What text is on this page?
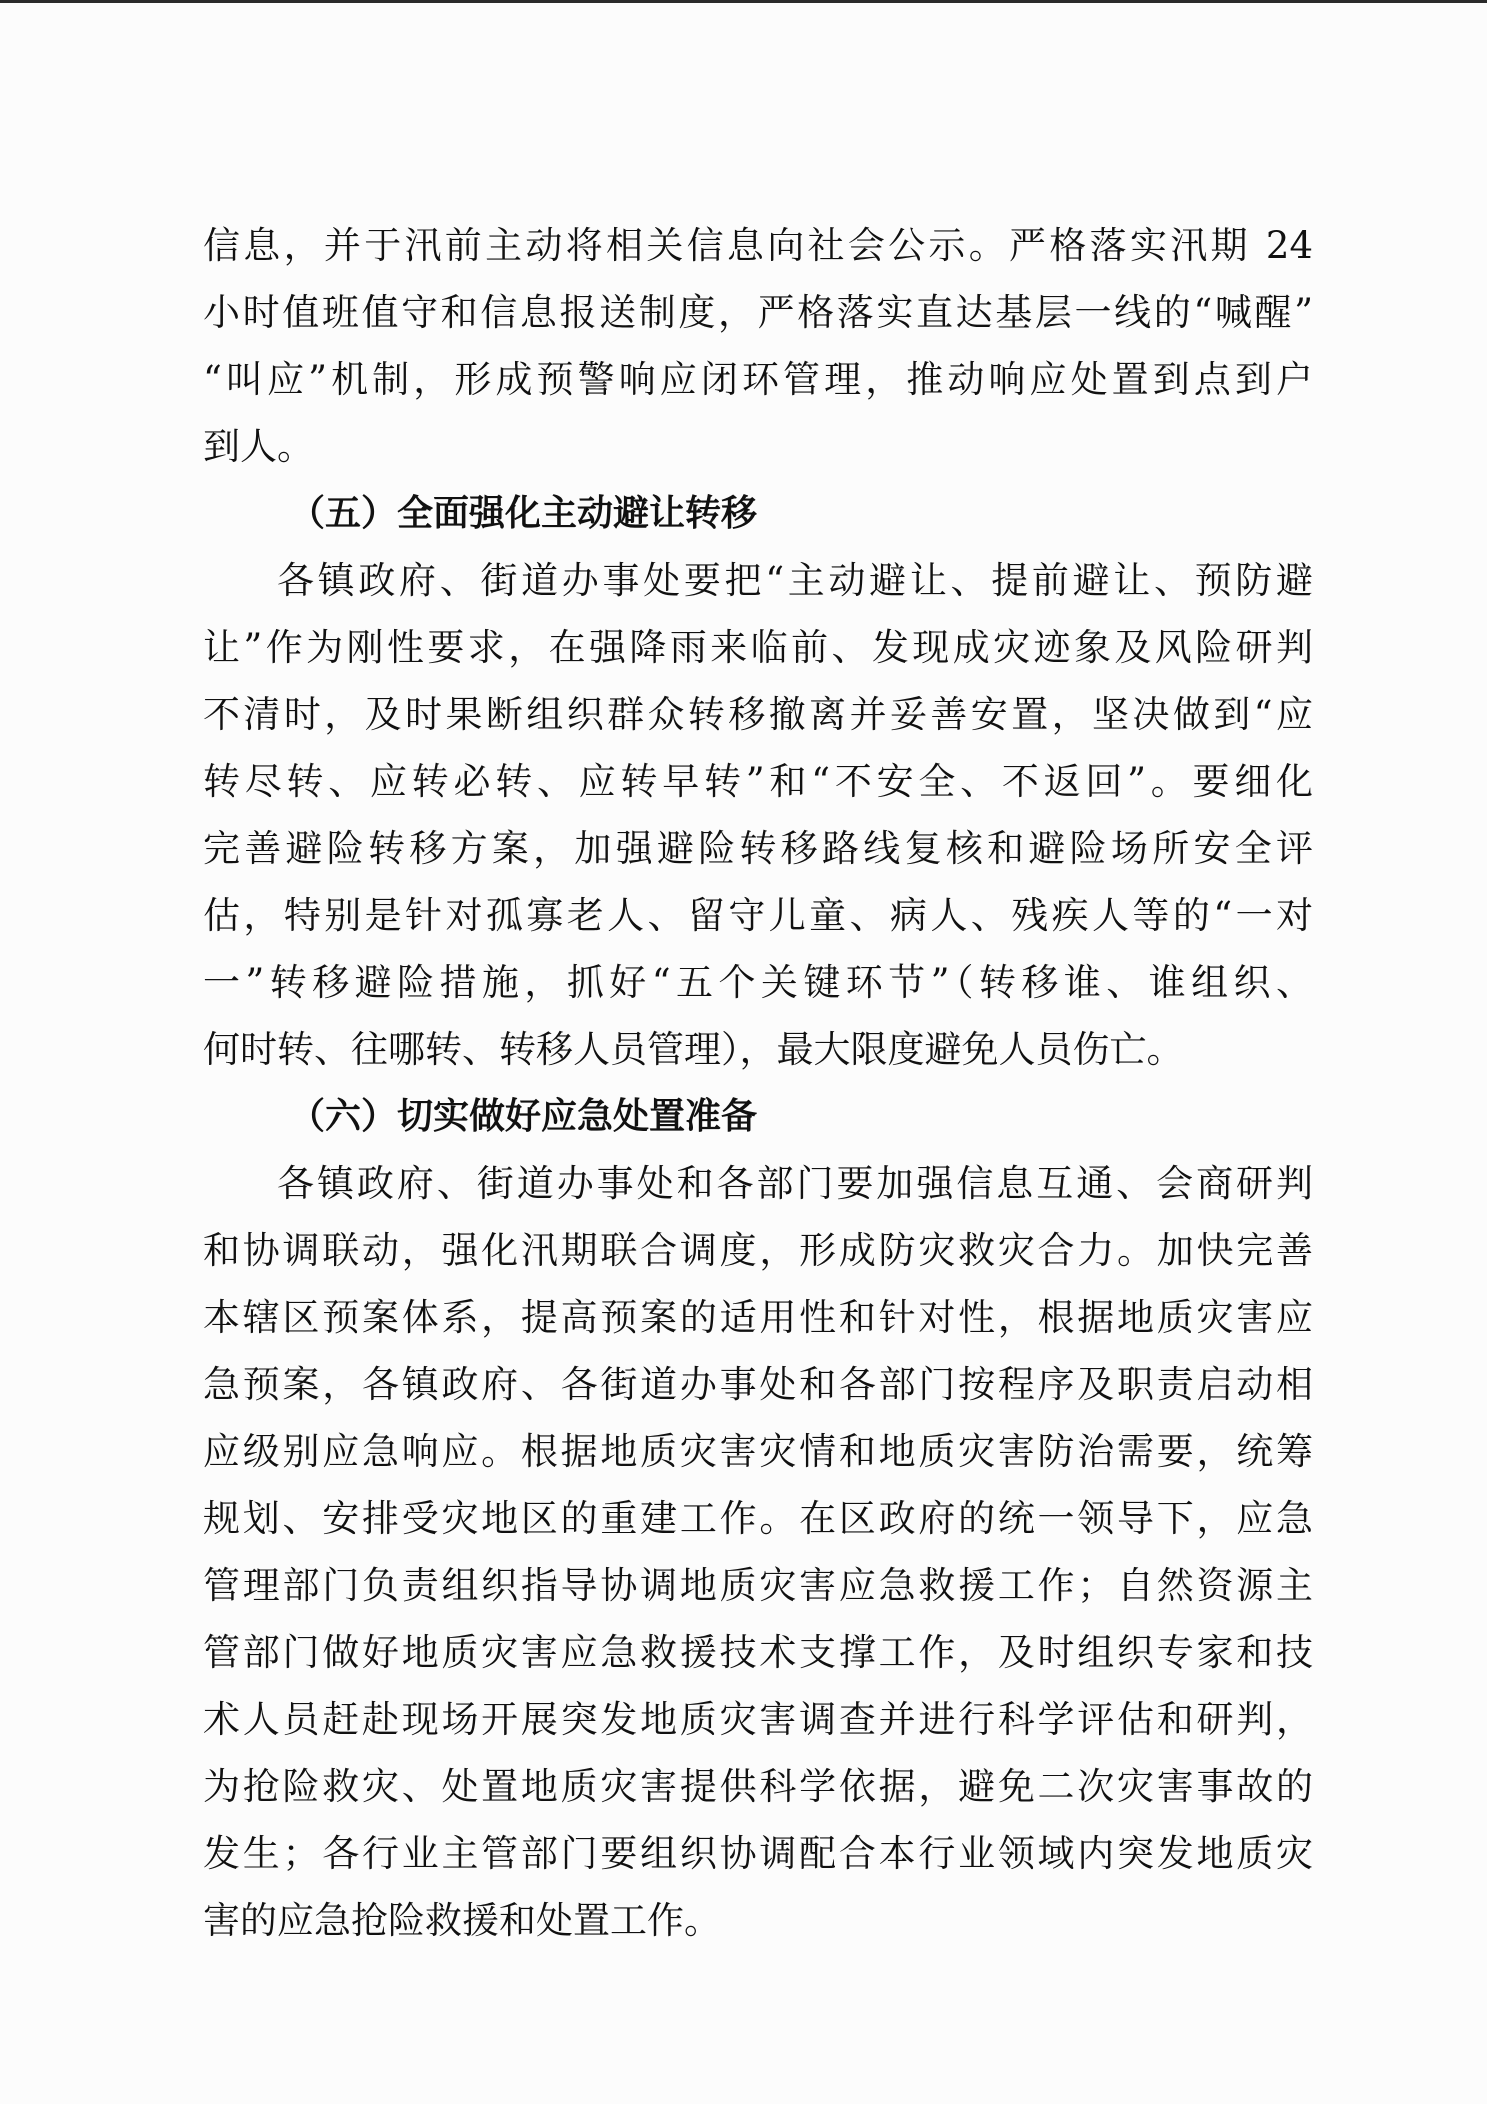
信息，并于汛前主动将相关信息向社会公示。严格落实汛期 24
小时值班值守和信息报送制度，严格落实直达基层一线的“喊醒”
“叫应”机制，形成预警响应闭环管理，推动响应处置到点到户
到人。
（五）全面强化主动避让转移
各镇政府、街道办事处要把“主动避让、提前避让、预防避
让”作为刚性要求，在强降雨来临前、发现成灾迹象及风险研判
不清时，及时果断组织群众转移撤离并妥善安置，坚决做到“应
转尽转、应转必转、应转早转”和“不安全、不返回”。要细化
完善避险转移方案，加强避险转移路线复核和避险场所安全评
估，特别是针对孤寡老人、留守儿童、病人、残疾人等的“一对
一”转移避险措施，抓好“五个关键环节”（转移谁、谁组织、
何时转、往哪转、转移人员管理），最大限度避免人员伤亡。
（六）切实做好应急处置准备
各镇政府、街道办事处和各部门要加强信息互通、会商研判
和协调联动，强化汛期联合调度，形成防灾救灾合力。加快完善
本辖区预案体系，提高预案的适用性和针对性，根据地质灾害应
急预案，各镇政府、各街道办事处和各部门按程序及职责启动相
应级别应急响应。根据地质灾害灾情和地质灾害防治需要，统筹
规划、安排受灾地区的重建工作。在区政府的统一领导下，应急
管理部门负责组织指导协调地质灾害应急救援工作；自然资源主
管部门做好地质灾害应急救援技术支撑工作，及时组织专家和技
术人员赶赴现场开展突发地质灾害调查并进行科学评估和研判，
为抢险救灾、处置地质灾害提供科学依据，避免二次灾害事故的
发生；各行业主管部门要组织协调配合本行业领域内突发地质灾
害的应急抢险救援和处置工作。
